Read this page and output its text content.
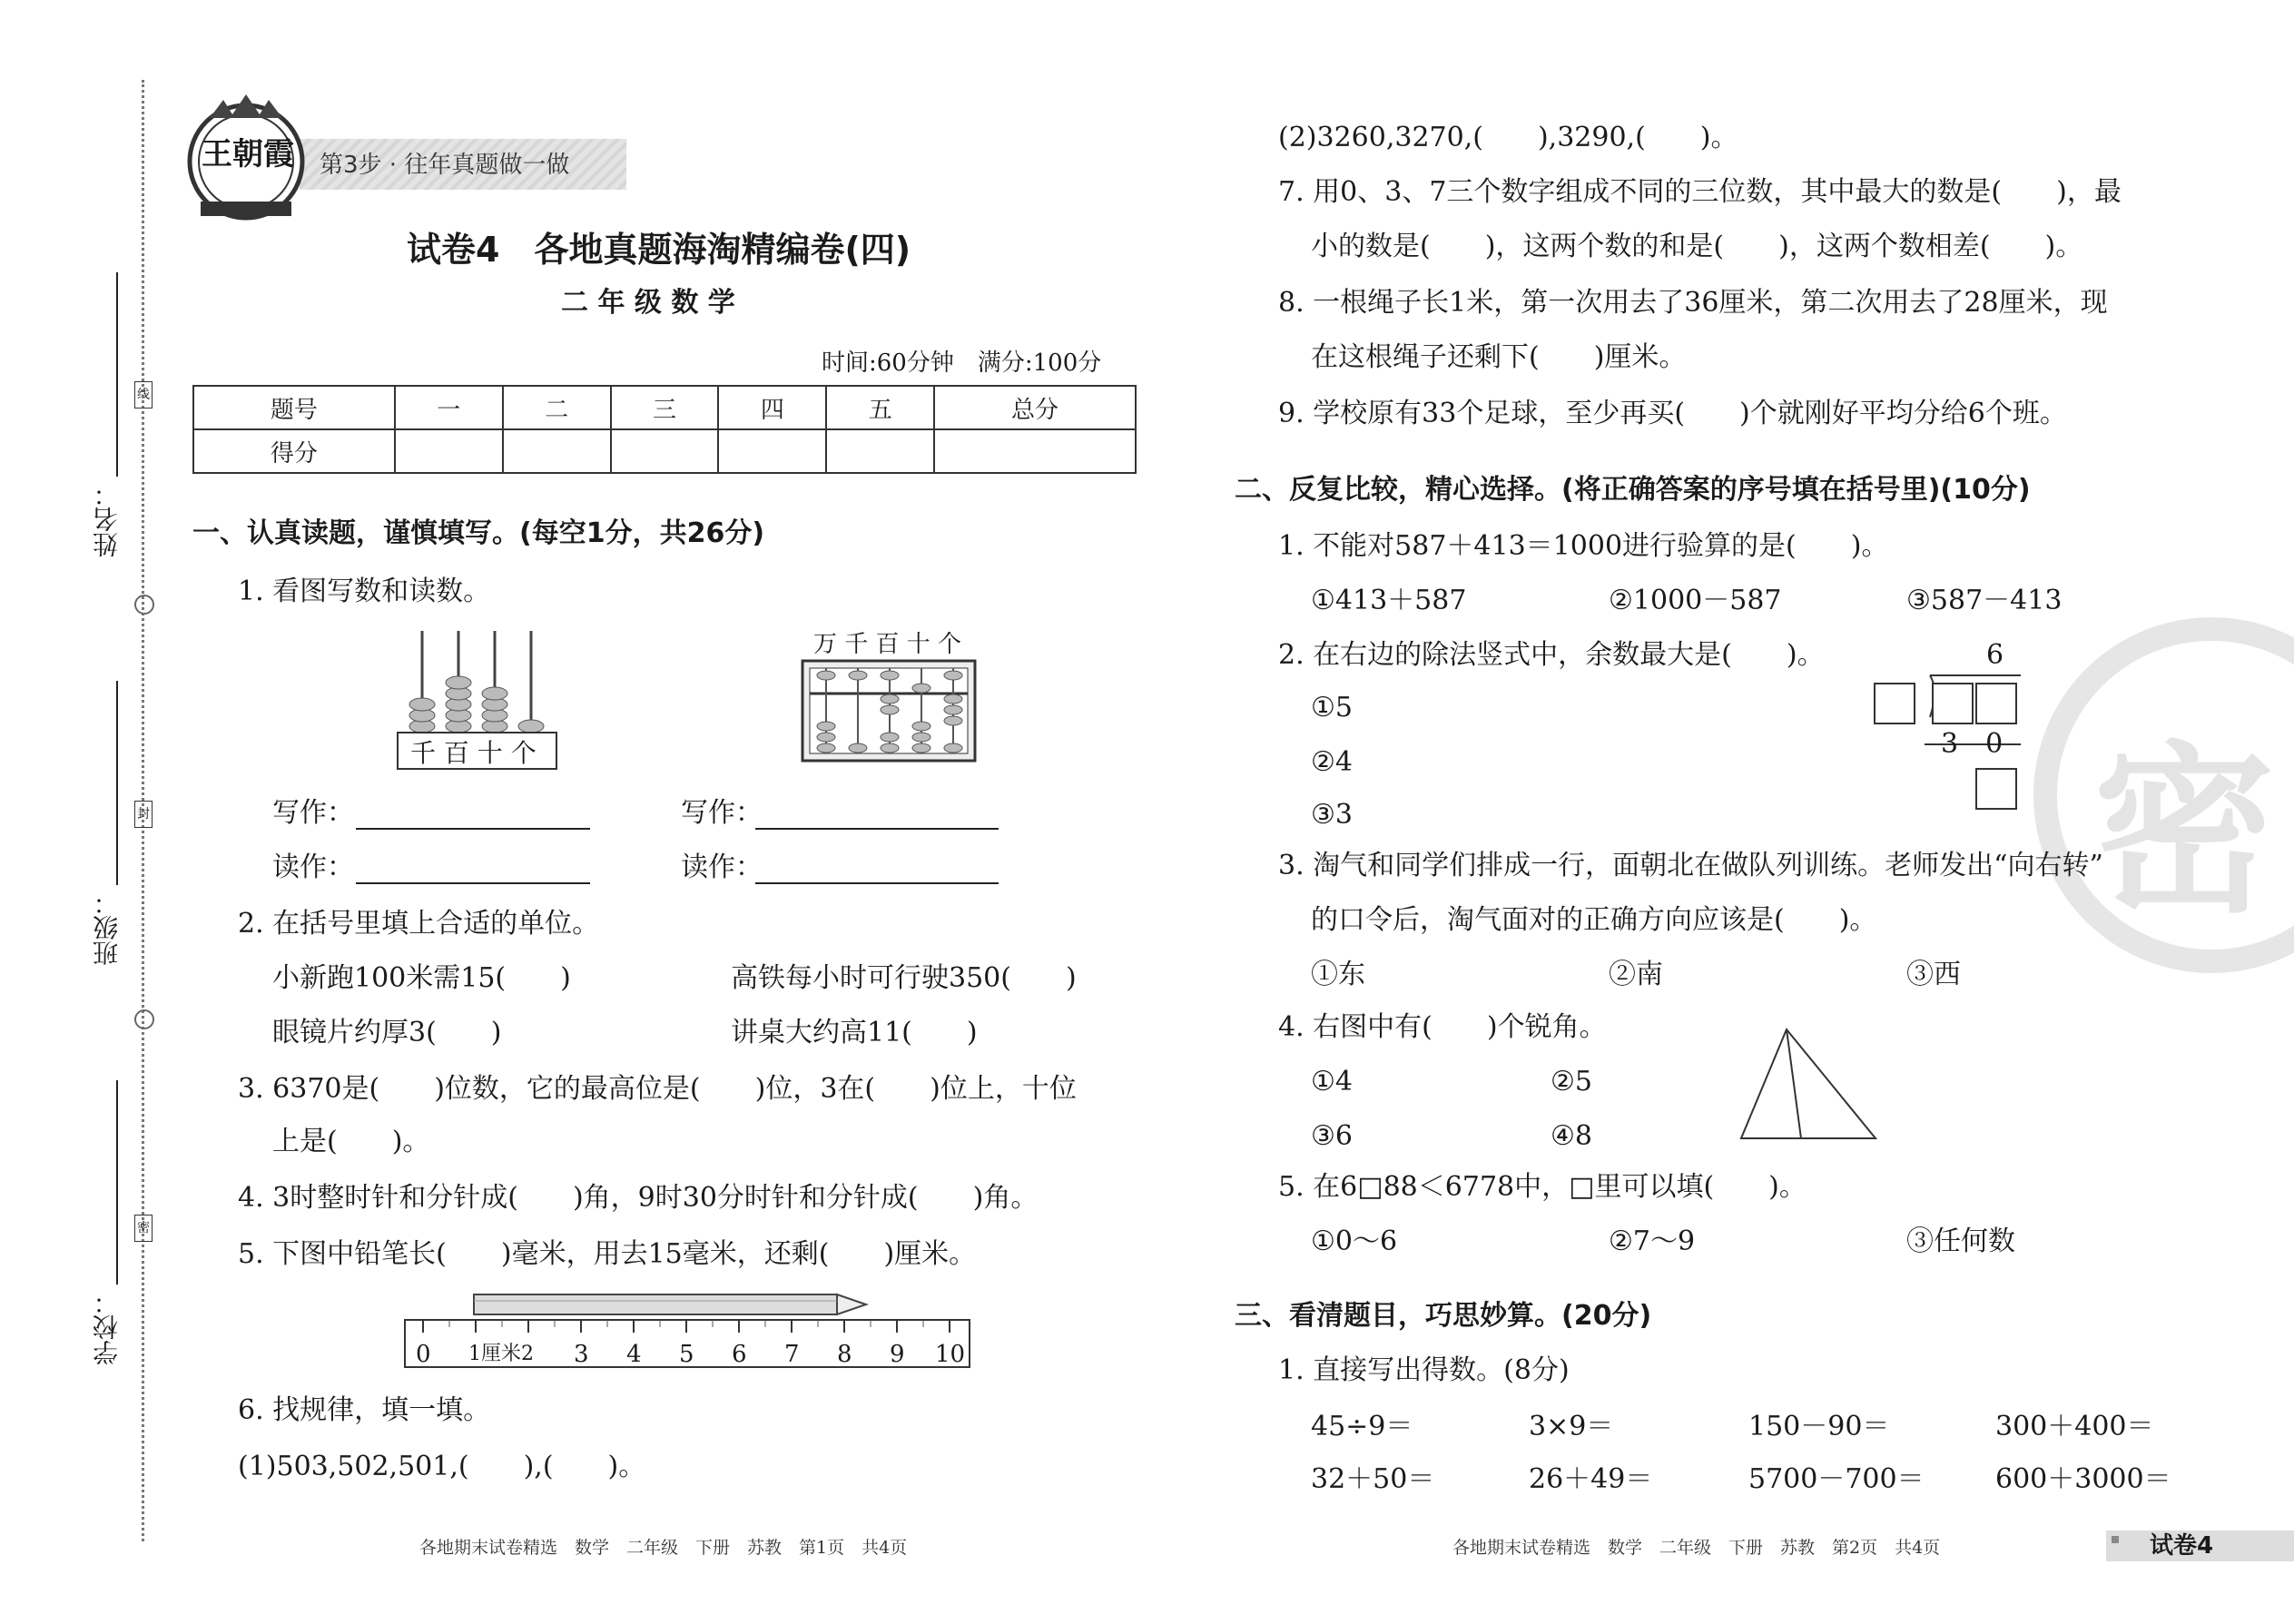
线
封
密
姓名：
班级：
学校：
第3步 · 往年真题做一做
王朝霞
试卷4　各地真题海淘精编卷(四)
二 年 级 数 学
时间:60分钟　满分:100分
题号	一	二	三	四	五	总分
得分						
一、认真读题，谨慎填写。(每空1分，共26分)
1. 看图写数和读数。
千 百 十 个
万 千 百 十 个
写作：	写作：
读作：	读作：
2. 在括号里填上合适的单位。
小新跑100米需15(　　)	高铁每小时可行驶350(　　)
眼镜片约厚3(　　)	讲桌大约高11(　　)
3. 6370是(　　)位数，它的最高位是(　　)位，3在(　　)位上，十位
上是(　　)。
4. 3时整时针和分针成(　　)角，9时30分时针和分针成(　　)角。
5. 下图中铅笔长(　　)毫米，用去15毫米，还剩(　　)厘米。
0 1厘米2 3 4 5 6 7 8 9 10
6. 找规律，填一填。
(1)503,502,501,(　　),(　　)。
密
(2)3260,3270,(　　),3290,(　　)。
7. 用0、3、7三个数字组成不同的三位数，其中最大的数是(　　)，最
小的数是(　　)，这两个数的和是(　　)，这两个数相差(　　)。
8. 一根绳子长1米，第一次用去了36厘米，第二次用去了28厘米，现
在这根绳子还剩下(　　)厘米。
9. 学校原有33个足球，至少再买(　　)个就刚好平均分给6个班。
二、反复比较，精心选择。(将正确答案的序号填在括号里)(10分)
1. 不能对587＋413＝1000进行验算的是(　　)。
①413＋587	②1000－587	③587－413
2. 在右边的除法竖式中，余数最大是(　　)。
①5
②4
③3
6
3　0
3. 淘气和同学们排成一行，面朝北在做队列训练。老师发出“向右转”
的口令后，淘气面对的正确方向应该是(　　)。
①东	②南	③西
4. 右图中有(　　)个锐角。
①4	②5
③6	④8
5. 在6□88＜6778中，□里可以填(　　)。
①0～6	②7～9	③任何数
三、看清题目，巧思妙算。(20分)
1. 直接写出得数。(8分)
45÷9＝	3×9＝	150－90＝	300＋400＝
32＋50＝	26＋49＝	5700－700＝	600＋3000＝
各地期末试卷精选　数学　二年级　下册　苏教　第1页　共4页	各地期末试卷精选　数学　二年级　下册　苏教　第2页　共4页	试卷4
